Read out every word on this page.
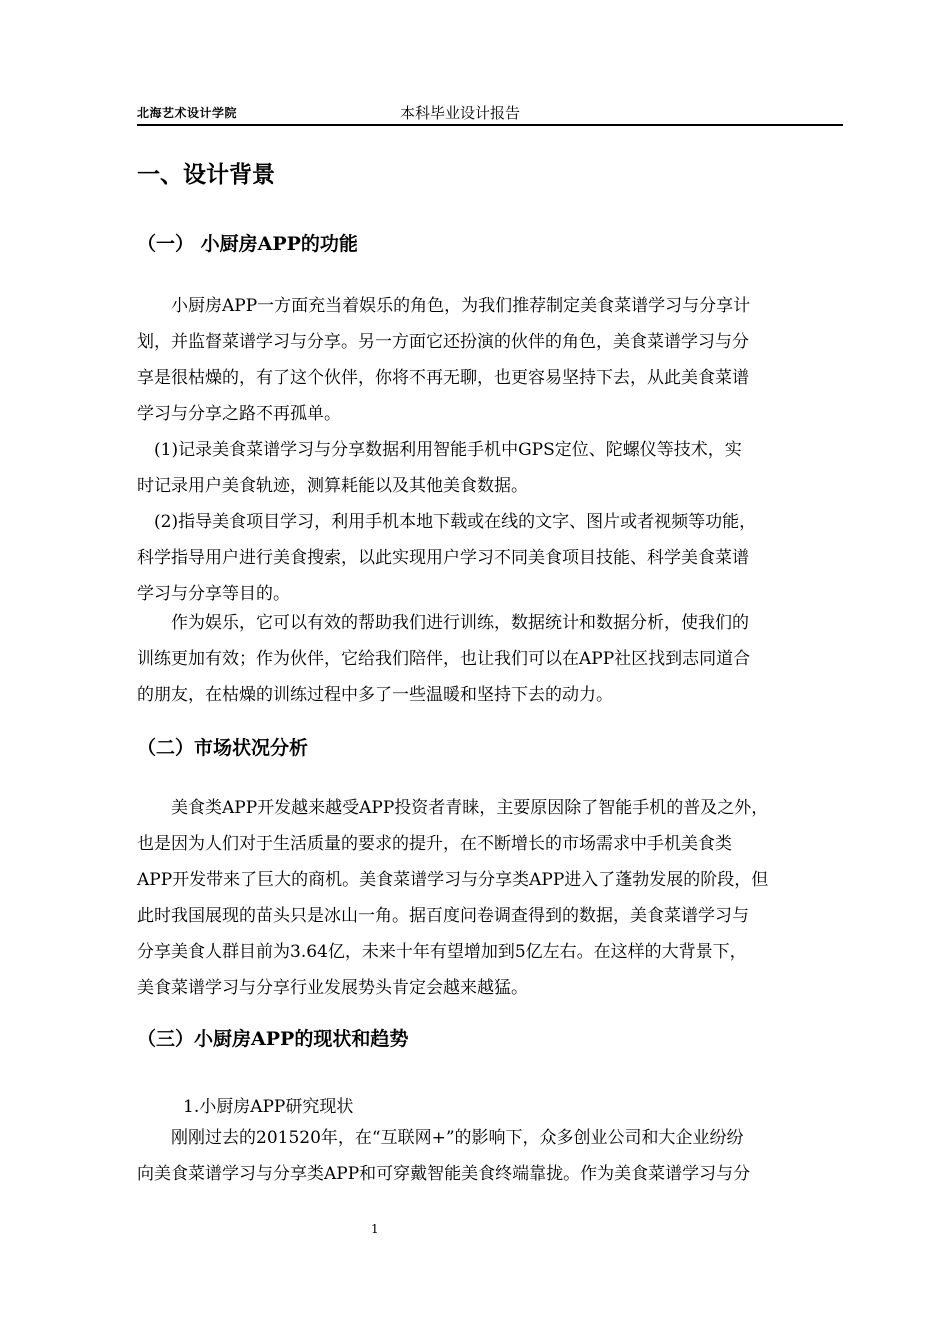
北海艺术设计学院	本科毕业设计报告
一、设计背景
（一） 小厨房APP的功能
　　小厨房APP一方面充当着娱乐的角色，为我们推荐制定美食菜谱学习与分享计
划，并监督菜谱学习与分享。另一方面它还扮演的伙伴的角色，美食菜谱学习与分
享是很枯燥的，有了这个伙伴，你将不再无聊，也更容易坚持下去，从此美食菜谱
学习与分享之路不再孤单。
　(1)记录美食菜谱学习与分享数据利用智能手机中GPS定位、陀螺仪等技术，实
时记录用户美食轨迹，测算耗能以及其他美食数据。
　(2)指导美食项目学习，利用手机本地下载或在线的文字、图片或者视频等功能，
科学指导用户进行美食搜索，以此实现用户学习不同美食项目技能、科学美食菜谱
学习与分享等目的。
　　作为娱乐，它可以有效的帮助我们进行训练，数据统计和数据分析，使我们的
训练更加有效；作为伙伴，它给我们陪伴，也让我们可以在APP社区找到志同道合
的朋友，在枯燥的训练过程中多了一些温暖和坚持下去的动力。
（二）市场状况分析
　　美食类APP开发越来越受APP投资者青睐，主要原因除了智能手机的普及之外，
也是因为人们对于生活质量的要求的提升，在不断增长的市场需求中手机美食类
APP开发带来了巨大的商机。美食菜谱学习与分享类APP进入了蓬勃发展的阶段，但
此时我国展现的苗头只是冰山一角。据百度问卷调查得到的数据，美食菜谱学习与
分享美食人群目前为3.64亿，未来十年有望增加到5亿左右。在这样的大背景下，
美食菜谱学习与分享行业发展势头肯定会越来越猛。
（三）小厨房APP的现状和趋势
1.小厨房APP研究现状
　　刚刚过去的201520年，在“互联网+”的影响下，众多创业公司和大企业纷纷
向美食菜谱学习与分享类APP和可穿戴智能美食终端靠拢。作为美食菜谱学习与分
1
